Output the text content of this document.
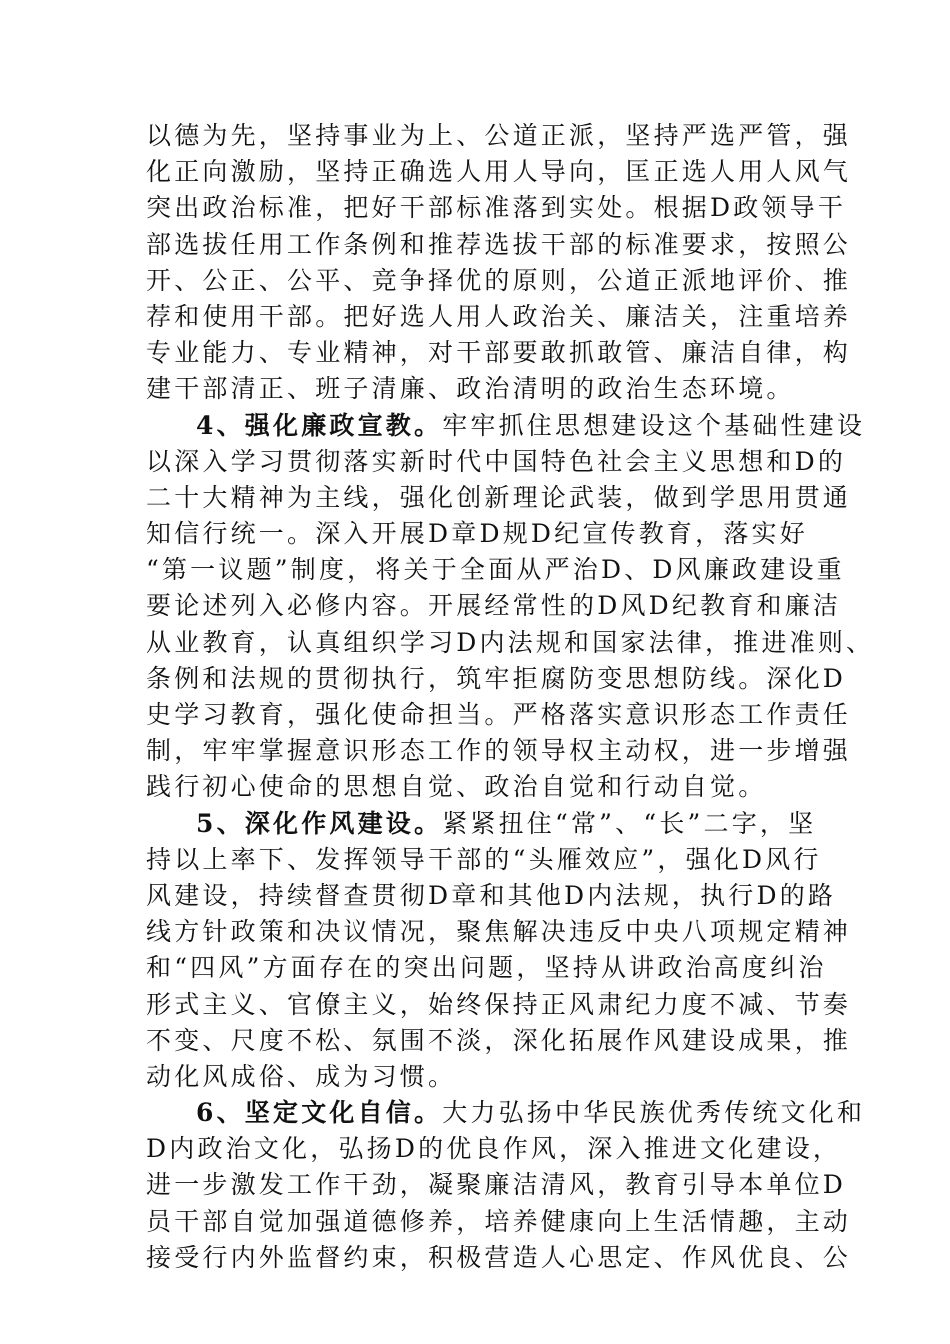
以德为先，坚持事业为上、公道正派，坚持严选严管，强
化正向激励，坚持正确选人用人导向，匡正选人用人风气
突出政治标准，把好干部标准落到实处。根据D政领导干
部选拔任用工作条例和推荐选拔干部的标准要求，按照公
开、公正、公平、竞争择优的原则，公道正派地评价、推
荐和使用干部。把好选人用人政治关、廉洁关，注重培养
专业能力、专业精神，对干部要敢抓敢管、廉洁自律，构
建干部清正、班子清廉、政治清明的政治生态环境。
4、强化廉政宣教。牢牢抓住思想建设这个基础性建设
以深入学习贯彻落实新时代中国特色社会主义思想和D的
二十大精神为主线，强化创新理论武装，做到学思用贯通
知信行统一。深入开展D章D规D纪宣传教育，落实好
“第一议题”制度，将关于全面从严治D、D风廉政建设重
要论述列入必修内容。开展经常性的D风D纪教育和廉洁
从业教育，认真组织学习D内法规和国家法律，推进准则、
条例和法规的贯彻执行，筑牢拒腐防变思想防线。深化D
史学习教育，强化使命担当。严格落实意识形态工作责任
制，牢牢掌握意识形态工作的领导权主动权，进一步增强
践行初心使命的思想自觉、政治自觉和行动自觉。
5、深化作风建设。紧紧扭住“常”、“长”二字，坚
持以上率下、发挥领导干部的“头雁效应”，强化D风行
风建设，持续督查贯彻D章和其他D内法规，执行D的路
线方针政策和决议情况，聚焦解决违反中央八项规定精神
和“四风”方面存在的突出问题，坚持从讲政治高度纠治
形式主义、官僚主义，始终保持正风肃纪力度不减、节奏
不变、尺度不松、氛围不淡，深化拓展作风建设成果，推
动化风成俗、成为习惯。
6、坚定文化自信。大力弘扬中华民族优秀传统文化和
D内政治文化，弘扬D的优良作风，深入推进文化建设，
进一步激发工作干劲，凝聚廉洁清风，教育引导本单位D
员干部自觉加强道德修养，培养健康向上生活情趣，主动
接受行内外监督约束，积极营造人心思定、作风优良、公
